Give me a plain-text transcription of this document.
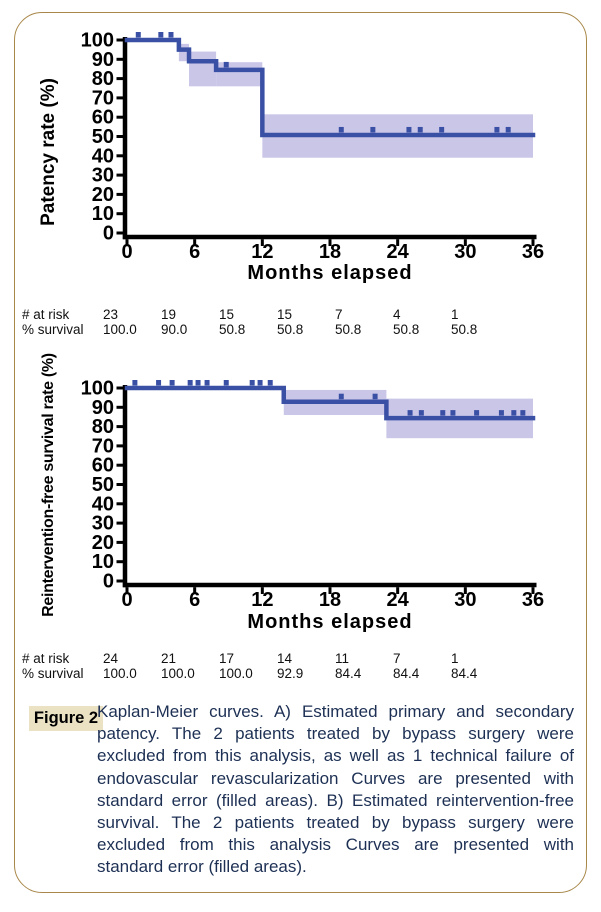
100
90
80
70
60
50
40
30
20
10
0
0	6	12 18 24 30 36
100
90
80
70
60
50
40
30
20
10
0
0	6	12 18 24 30 36
Patency rate (%)
Months elapsed
Reintervention-free survival rate (%)
Months elapsed
# at risk	23	19	15	15	7	4	1
% survival	100.0	90.0	50.8	50.8	50.8	50.8	50.8
# at risk	24	21	17	14	11	7	1
% survival	100.0	100.0	100.0	92.9	84.4	84.4	84.4
Figure 2

Kaplan-Meier curves. A) Estimated primary and secondary patency. The 2 patients treated by bypass surgery were excluded from this analysis, as well as 1 technical failure of endovascular revascularization Curves are presented with standard error (filled areas). B) Estimated reintervention-free survival. The 2 patients treated by bypass surgery were excluded from this analysis Curves are presented with standard error (filled areas).
